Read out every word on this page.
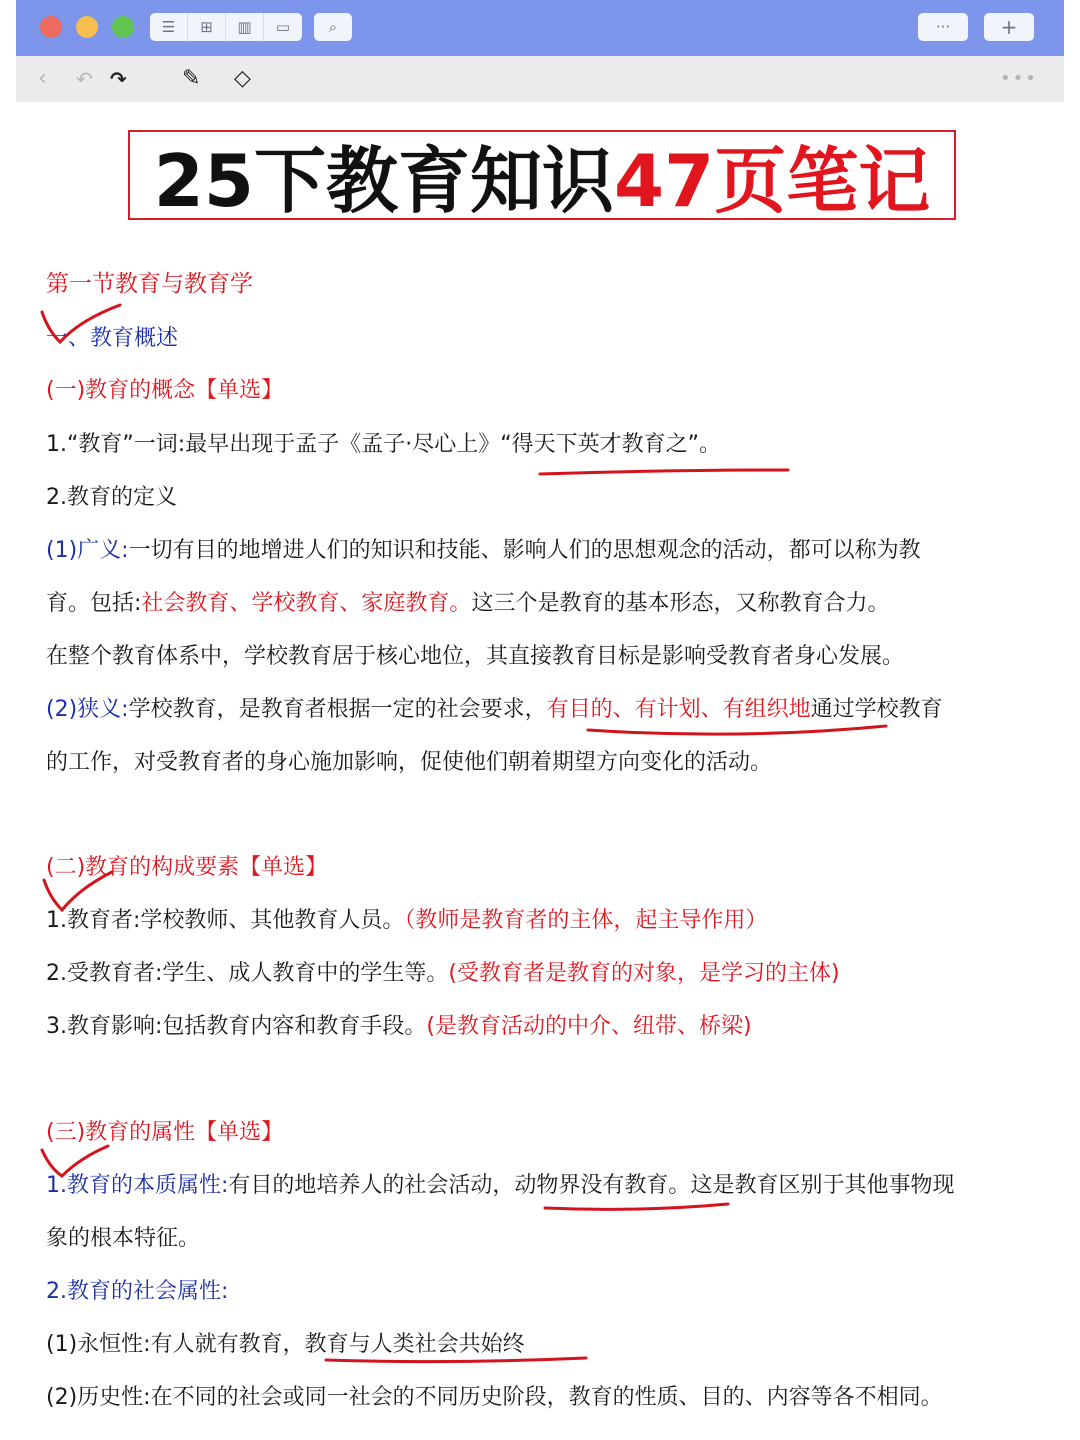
☰	⊞	▥	▭	⌕	···	+
‹ ↶ ↷	✎ ◇	•••
25下教育知识 47页笔记
第一节教育与教育学
一、教育概述
(一)教育的概念【单选】
1.“教育”一词:最早出现于孟子《孟子·尽心上》“得天下英才教育之”。
2.教育的定义
(1)广义:一切有目的地增进人们的知识和技能、影响人们的思想观念的活动，都可以称为教
育。包括:社会教育、学校教育、家庭教育。这三个是教育的基本形态，又称教育合力。
在整个教育体系中，学校教育居于核心地位，其直接教育目标是影响受教育者身心发展。
(2)狭义:学校教育，是教育者根据一定的社会要求，有目的、有计划、有组织地通过学校教育
的工作，对受教育者的身心施加影响，促使他们朝着期望方向变化的活动。
(二)教育的构成要素【单选】
1.教育者:学校教师、其他教育人员。（教师是教育者的主体，起主导作用）
2.受教育者:学生、成人教育中的学生等。(受教育者是教育的对象，是学习的主体)
3.教育影响:包括教育内容和教育手段。(是教育活动的中介、纽带、桥梁)
(三)教育的属性【单选】
1.教育的本质属性:有目的地培养人的社会活动，动物界没有教育。这是教育区别于其他事物现
象的根本特征。
2.教育的社会属性:
(1)永恒性:有人就有教育，教育与人类社会共始终
(2)历史性:在不同的社会或同一社会的不同历史阶段，教育的性质、目的、内容等各不相同。
